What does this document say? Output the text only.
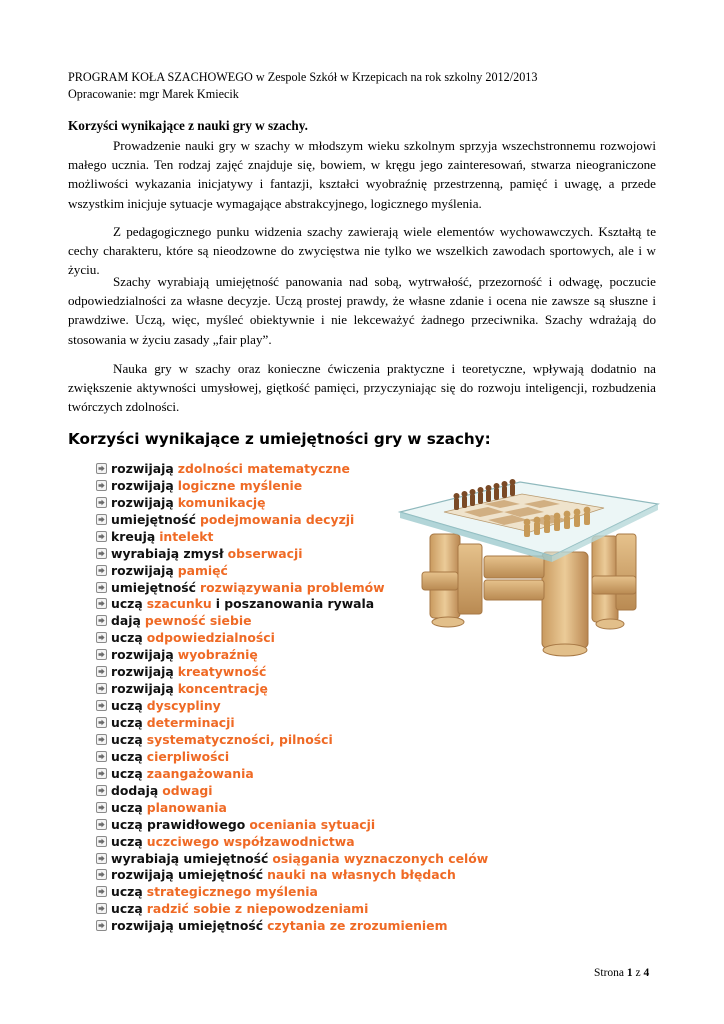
PROGRAM KOŁA SZACHOWEGO w Zespole Szkół w Krzepicach na rok szkolny 2012/2013
Opracowanie: mgr Marek Kmiecik
Korzyści wynikające z nauki gry w szachy.

Prowadzenie nauki gry w szachy w młodszym wieku szkolnym sprzyja wszechstronnemu rozwojowi małego ucznia. Ten rodzaj zajęć znajduje się, bowiem, w kręgu jego zainteresowań, stwarza nieograniczone możliwości wykazania inicjatywy i fantazji, kształci wyobraźnię przestrzenną, pamięć i uwagę, a przede wszystkim inicjuje sytuacje wymagające abstrakcyjnego, logicznego myślenia.

Z pedagogicznego punku widzenia szachy zawierają wiele elementów wychowawczych. Kształtą te cechy charakteru, które są nieodzowne do zwycięstwa nie tylko we wszelkich zawodach sportowych, ale i w życiu.

Szachy wyrabiają umiejętność panowania nad sobą, wytrwałość, przezorność i odwagę, poczucie odpowiedzialności za własne decyzje. Uczą prostej prawdy, że własne zdanie i ocena nie zawsze są słuszne i prawdziwe. Uczą, więc, myśleć obiektywnie i nie lekceważyć żadnego przeciwnika. Szachy wdrażają do stosowania w życiu zasady „fair play”.

Nauka gry w szachy oraz konieczne ćwiczenia praktyczne i teoretyczne, wpływają dodatnio na zwiększenie aktywności umysłowej, giętkość pamięci, przyczyniając się do rozwoju inteligencji, rozbudzenia twórczych zdolności.

Korzyści wynikające z umiejętności gry w szachy:
rozwijają zdolności matematyczne
rozwijają logiczne myślenie
rozwijają komunikację
umiejętność podejmowania decyzji
kreują intelekt
wyrabiają zmysł obserwacji
rozwijają pamięć
umiejętność rozwiązywania problemów
uczą szacunku i poszanowania rywala
dają pewność siebie
uczą odpowiedzialności
rozwijają wyobraźnię
rozwijają kreatywność
rozwijają koncentrację
uczą dyscypliny
uczą determinacji
uczą systematyczności, pilności
uczą cierpliwości
uczą zaangażowania
dodają odwagi
uczą planowania
uczą prawidłowego oceniania sytuacji
uczą uczciwego współzawodnictwa
wyrabiają umiejętność osiągania wyznaczonych celów
rozwijają umiejętność nauki na własnych błędach
uczą strategicznego myślenia
uczą radzić sobie z niepowodzeniami
rozwijają umiejętność czytania ze zrozumieniem
Strona 1 z 4
